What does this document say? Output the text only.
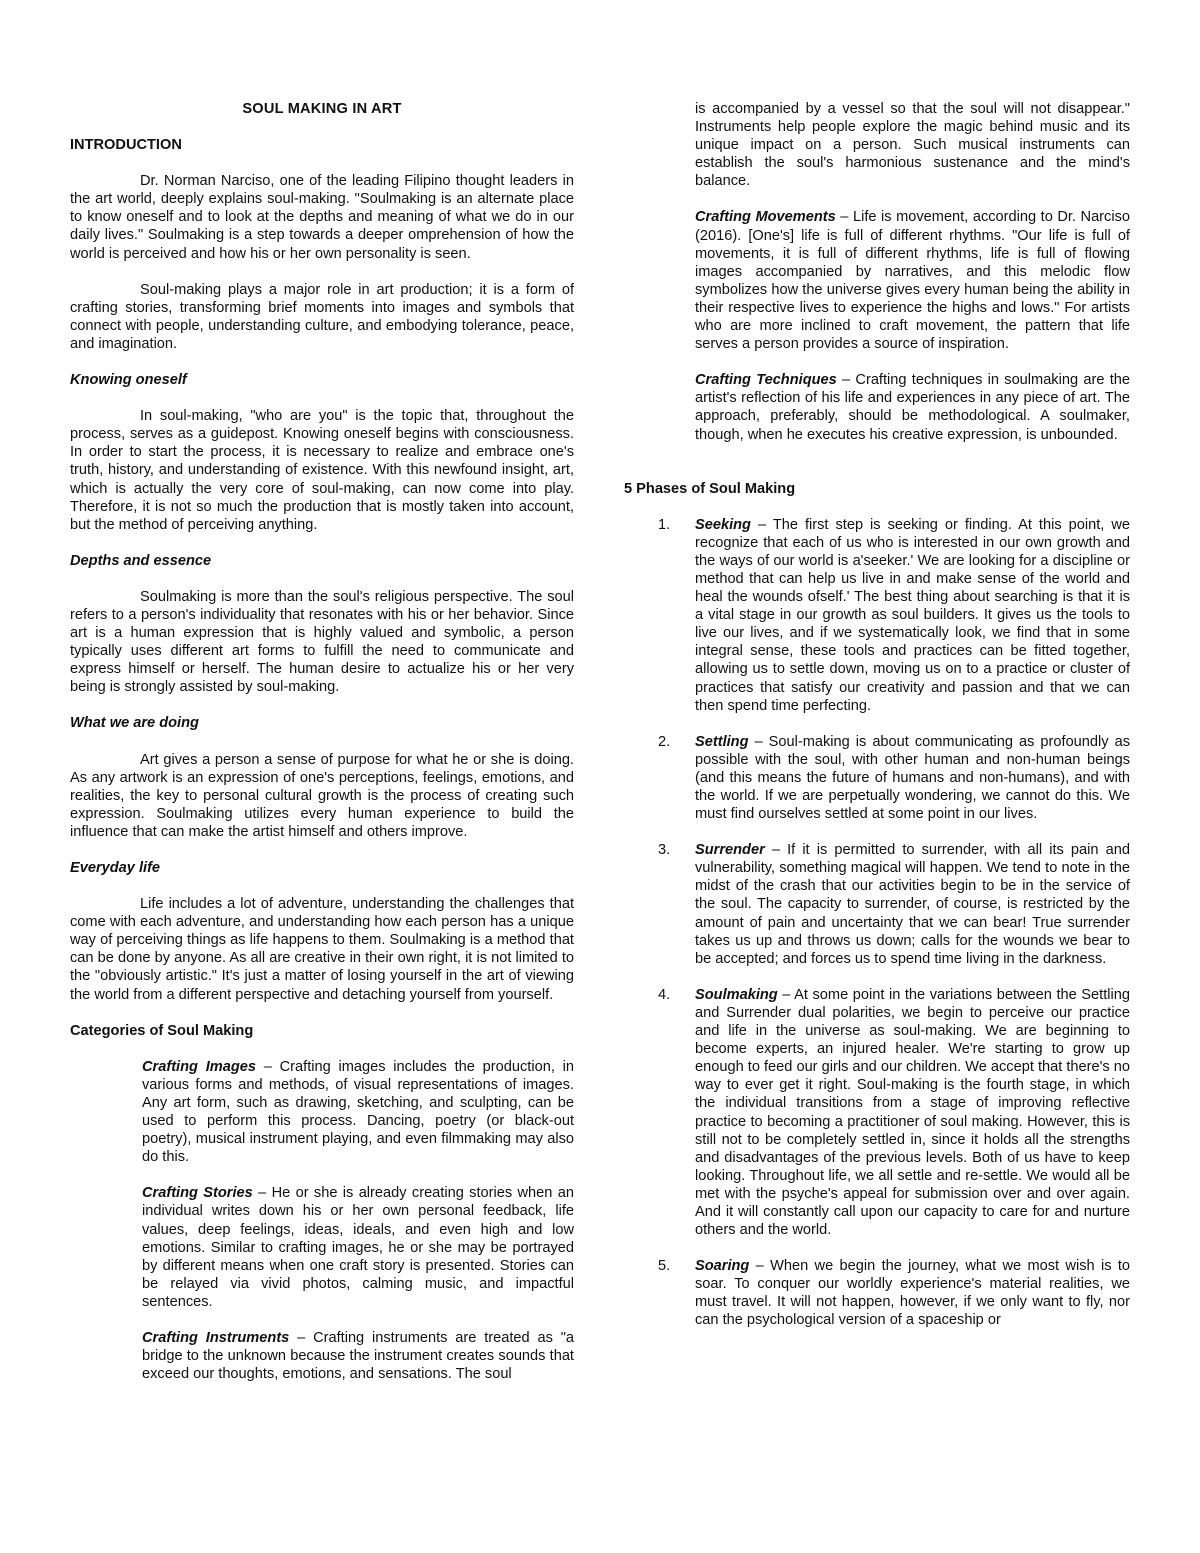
SOUL MAKING IN ART

INTRODUCTION

Dr. Norman Narciso, one of the leading Filipino thought leaders in the art world, deeply explains soul-making. "Soulmaking is an alternate place to know oneself and to look at the depths and meaning of what we do in our daily lives." Soulmaking is a step towards a deeper omprehension of how the world is perceived and how his or her own personality is seen.

Soul-making plays a major role in art production; it is a form of crafting stories, transforming brief moments into images and symbols that connect with people, understanding culture, and embodying tolerance, peace, and imagination.

Knowing oneself

In soul-making, "who are you" is the topic that, throughout the process, serves as a guidepost. Knowing oneself begins with consciousness. In order to start the process, it is necessary to realize and embrace one's truth, history, and understanding of existence. With this newfound insight, art, which is actually the very core of soul-making, can now come into play. Therefore, it is not so much the production that is mostly taken into account, but the method of perceiving anything.

Depths and essence

Soulmaking is more than the soul's religious perspective. The soul refers to a person's individuality that resonates with his or her behavior. Since art is a human expression that is highly valued and symbolic, a person typically uses different art forms to fulfill the need to communicate and express himself or herself. The human desire to actualize his or her very being is strongly assisted by soul-making.

What we are doing

Art gives a person a sense of purpose for what he or she is doing. As any artwork is an expression of one's perceptions, feelings, emotions, and realities, the key to personal cultural growth is the process of creating such expression. Soulmaking utilizes every human experience to build the influence that can make the artist himself and others improve.

Everyday life

Life includes a lot of adventure, understanding the challenges that come with each adventure, and understanding how each person has a unique way of perceiving things as life happens to them. Soulmaking is a method that can be done by anyone. As all are creative in their own right, it is not limited to the "obviously artistic." It's just a matter of losing yourself in the art of viewing the world from a different perspective and detaching yourself from yourself.

Categories of Soul Making

Crafting Images – Crafting images includes the production, in various forms and methods, of visual representations of images. Any art form, such as drawing, sketching, and sculpting, can be used to perform this process. Dancing, poetry (or black-out poetry), musical instrument playing, and even filmmaking may also do this.

Crafting Stories – He or she is already creating stories when an individual writes down his or her own personal feedback, life values, deep feelings, ideas, ideals, and even high and low emotions. Similar to crafting images, he or she may be portrayed by different means when one craft story is presented. Stories can be relayed via vivid photos, calming music, and impactful sentences.

Crafting Instruments – Crafting instruments are treated as "a bridge to the unknown because the instrument creates sounds that exceed our thoughts, emotions, and sensations. The soul

is accompanied by a vessel so that the soul will not disappear." Instruments help people explore the magic behind music and its unique impact on a person. Such musical instruments can establish the soul's harmonious sustenance and the mind's balance.

Crafting Movements – Life is movement, according to Dr. Narciso (2016). [One's] life is full of different rhythms. "Our life is full of movements, it is full of different rhythms, life is full of flowing images accompanied by narratives, and this melodic flow symbolizes how the universe gives every human being the ability in their respective lives to experience the highs and lows." For artists who are more inclined to craft movement, the pattern that life serves a person provides a source of inspiration.

Crafting Techniques – Crafting techniques in soulmaking are the artist's reflection of his life and experiences in any piece of art. The approach, preferably, should be methodological. A soulmaker, though, when he executes his creative expression, is unbounded.

5 Phases of Soul Making

1. Seeking – The first step is seeking or finding. At this point, we recognize that each of us who is interested in our own growth and the ways of our world is a'seeker.' We are looking for a discipline or method that can help us live in and make sense of the world and heal the wounds ofself.' The best thing about searching is that it is a vital stage in our growth as soul builders. It gives us the tools to live our lives, and if we systematically look, we find that in some integral sense, these tools and practices can be fitted together, allowing us to settle down, moving us on to a practice or cluster of practices that satisfy our creativity and passion and that we can then spend time perfecting.

2. Settling – Soul-making is about communicating as profoundly as possible with the soul, with other human and non-human beings (and this means the future of humans and non-humans), and with the world. If we are perpetually wondering, we cannot do this. We must find ourselves settled at some point in our lives.

3. Surrender – If it is permitted to surrender, with all its pain and vulnerability, something magical will happen. We tend to note in the midst of the crash that our activities begin to be in the service of the soul. The capacity to surrender, of course, is restricted by the amount of pain and uncertainty that we can bear! True surrender takes us up and throws us down; calls for the wounds we bear to be accepted; and forces us to spend time living in the darkness.

4. Soulmaking – At some point in the variations between the Settling and Surrender dual polarities, we begin to perceive our practice and life in the universe as soul-making. We are beginning to become experts, an injured healer. We're starting to grow up enough to feed our girls and our children. We accept that there's no way to ever get it right. Soul-making is the fourth stage, in which the individual transitions from a stage of improving reflective practice to becoming a practitioner of soul making. However, this is still not to be completely settled in, since it holds all the strengths and disadvantages of the previous levels. Both of us have to keep looking. Throughout life, we all settle and re-settle. We would all be met with the psyche's appeal for submission over and over again. And it will constantly call upon our capacity to care for and nurture others and the world.

5. Soaring – When we begin the journey, what we most wish is to soar. To conquer our worldly experience's material realities, we must travel. It will not happen, however, if we only want to fly, nor can the psychological version of a spaceship or
